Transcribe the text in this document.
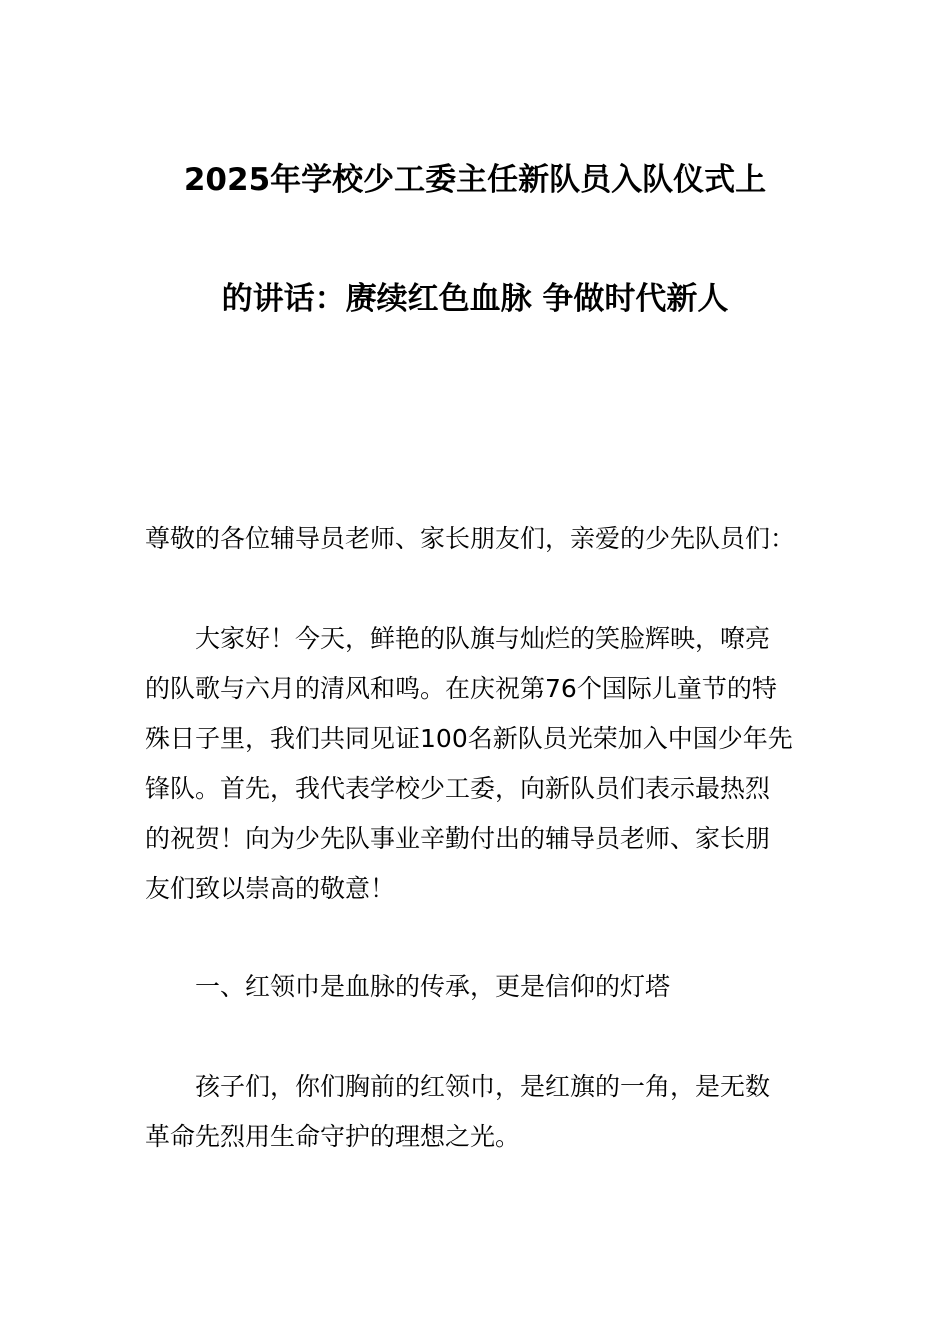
2025年学校少工委主任新队员入队仪式上
的讲话：赓续红色血脉 争做时代新人

尊敬的各位辅导员老师、家长朋友们，亲爱的少先队员们：

大家好！今天，鲜艳的队旗与灿烂的笑脸辉映，嘹亮
的队歌与六月的清风和鸣。在庆祝第76个国际儿童节的特
殊日子里，我们共同见证100名新队员光荣加入中国少年先
锋队。首先，我代表学校少工委，向新队员们表示最热烈
的祝贺！向为少先队事业辛勤付出的辅导员老师、家长朋
友们致以崇高的敬意！

一、红领巾是血脉的传承，更是信仰的灯塔

孩子们，你们胸前的红领巾，是红旗的一角，是无数
革命先烈用生命守护的理想之光。
